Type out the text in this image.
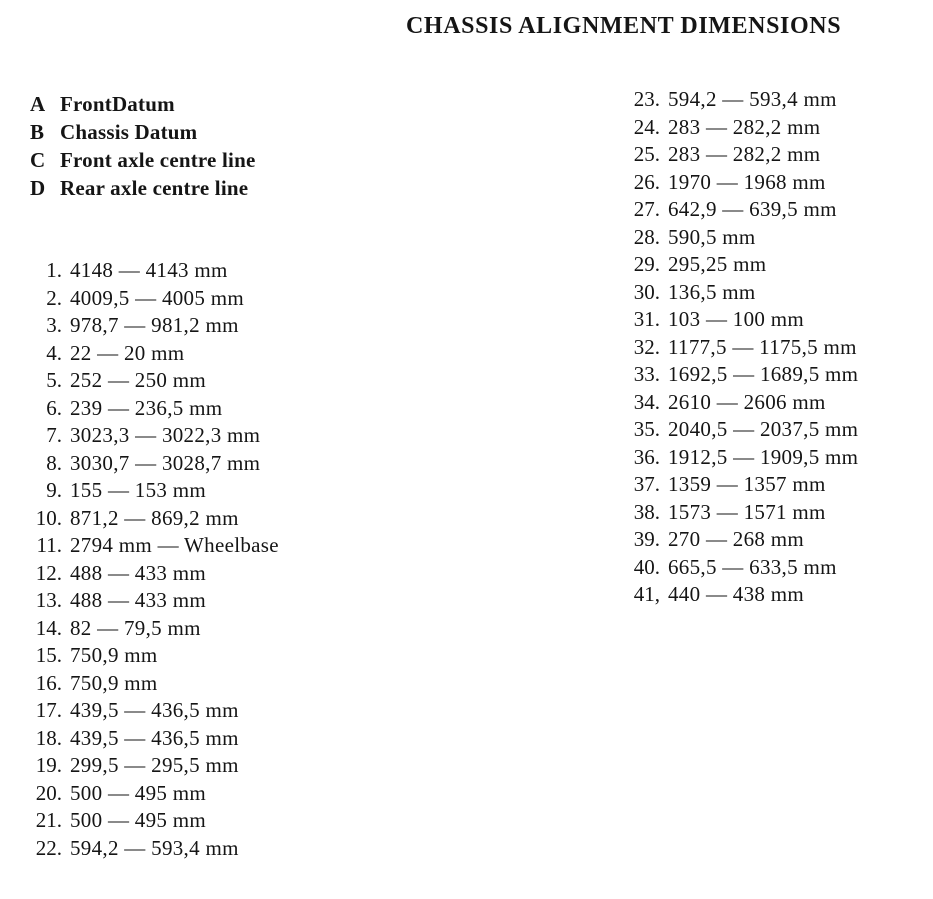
CHASSIS ALIGNMENT DIMENSIONS
A FrontDatum
B Chassis Datum
C Front axle centre line
D Rear axle centre line
1. 4148 — 4143 mm
2. 4009,5 — 4005 mm
3. 978,7 — 981,2 mm
4. 22 — 20 mm
5. 252 — 250 mm
6. 239 — 236,5 mm
7. 3023,3 — 3022,3 mm
8. 3030,7 — 3028,7 mm
9. 155 — 153 mm
10. 871,2 — 869,2 mm
11. 2794 mm — Wheelbase
12. 488 — 433 mm
13. 488 — 433 mm
14. 82 — 79,5 mm
15. 750,9 mm
16. 750,9 mm
17. 439,5 — 436,5 mm
18. 439,5 — 436,5 mm
19. 299,5 — 295,5 mm
20. 500 — 495 mm
21. 500 — 495 mm
22. 594,2 — 593,4 mm
23. 594,2 — 593,4 mm
24. 283 — 282,2 mm
25. 283 — 282,2 mm
26. 1970 — 1968 mm
27. 642,9 — 639,5 mm
28. 590,5 mm
29. 295,25 mm
30. 136,5 mm
31. 103 — 100 mm
32. 1177,5 — 1175,5 mm
33. 1692,5 — 1689,5 mm
34. 2610 — 2606 mm
35. 2040,5 — 2037,5 mm
36. 1912,5 — 1909,5 mm
37. 1359 — 1357 mm
38. 1573 — 1571 mm
39. 270 — 268 mm
40. 665,5 — 633,5 mm
41, 440 — 438 mm
